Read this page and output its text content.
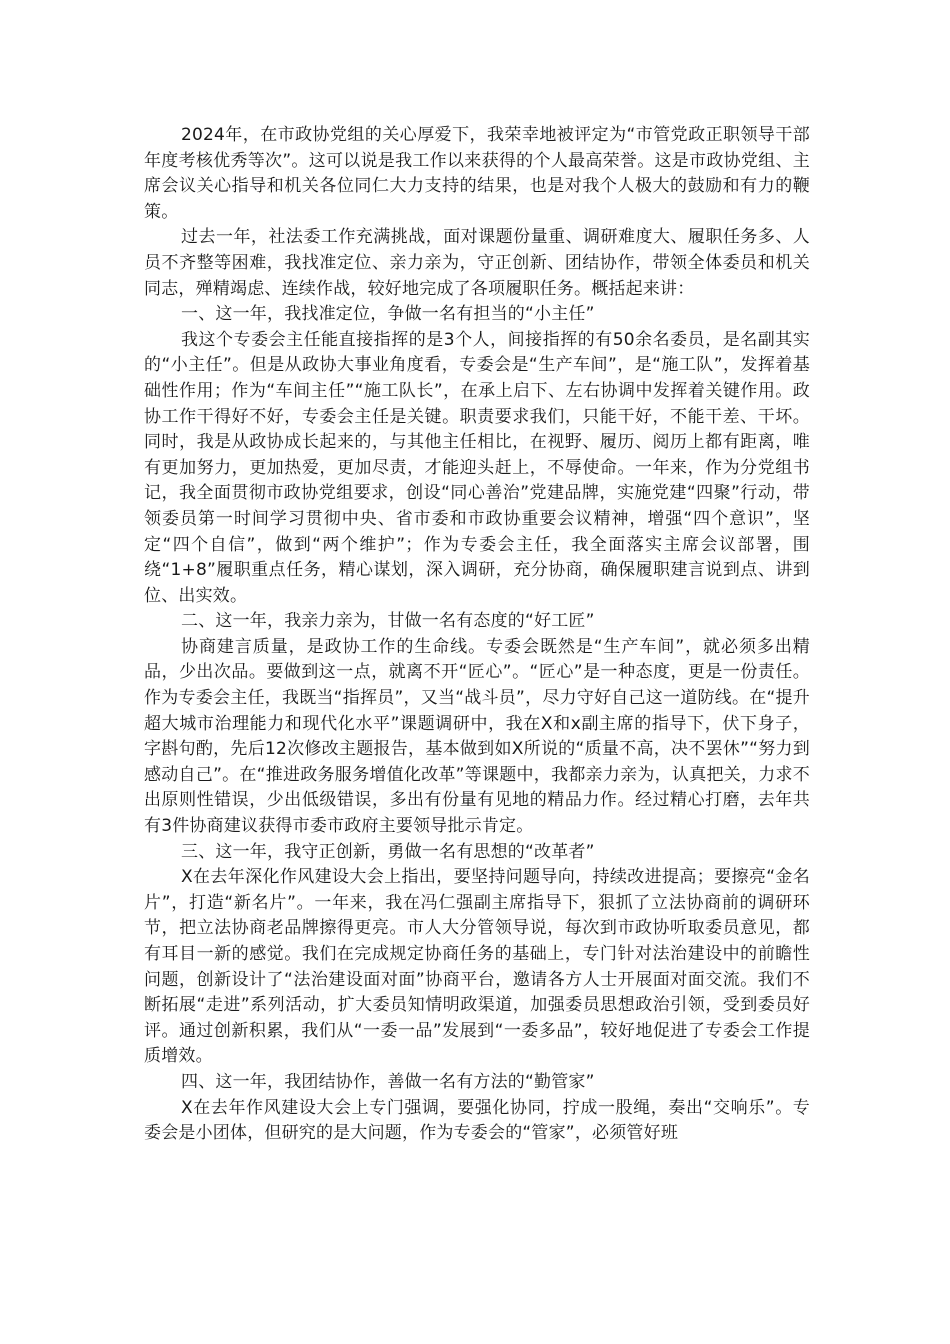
2024年，在市政协党组的关心厚爱下，我荣幸地被评定为“市管党政正职领导干部年度考核优秀等次”。这可以说是我工作以来获得的个人最高荣誉。这是市政协党组、主席会议关心指导和机关各位同仁大力支持的结果，也是对我个人极大的鼓励和有力的鞭策。

过去一年，社法委工作充满挑战，面对课题份量重、调研难度大、履职任务多、人员不齐整等困难，我找准定位、亲力亲为，守正创新、团结协作，带领全体委员和机关同志，殚精竭虑、连续作战，较好地完成了各项履职任务。概括起来讲：

一、这一年，我找准定位，争做一名有担当的“小主任”

我这个专委会主任能直接指挥的是3个人，间接指挥的有50余名委员，是名副其实的“小主任”。但是从政协大事业角度看，专委会是“生产车间”，是“施工队”，发挥着基础性作用；作为“车间主任”“施工队长”，在承上启下、左右协调中发挥着关键作用。政协工作干得好不好，专委会主任是关键。职责要求我们，只能干好，不能干差、干坏。同时，我是从政协成长起来的，与其他主任相比，在视野、履历、阅历上都有距离，唯有更加努力，更加热爱，更加尽责，才能迎头赶上，不辱使命。一年来，作为分党组书记，我全面贯彻市政协党组要求，创设“同心善治”党建品牌，实施党建“四聚”行动，带领委员第一时间学习贯彻中央、省市委和市政协重要会议精神，增强“四个意识”，坚定“四个自信”，做到“两个维护”；作为专委会主任，我全面落实主席会议部署，围绕“1+8”履职重点任务，精心谋划，深入调研，充分协商，确保履职建言说到点、讲到位、出实效。

二、这一年，我亲力亲为，甘做一名有态度的“好工匠”

协商建言质量，是政协工作的生命线。专委会既然是“生产车间”，就必须多出精品，少出次品。要做到这一点，就离不开“匠心”。“匠心”是一种态度，更是一份责任。作为专委会主任，我既当“指挥员”，又当“战斗员”，尽力守好自己这一道防线。在“提升超大城市治理能力和现代化水平”课题调研中，我在X和x副主席的指导下，伏下身子，字斟句酌，先后12次修改主题报告，基本做到如X所说的“质量不高，决不罢休”“努力到感动自己”。在“推进政务服务增值化改革”等课题中，我都亲力亲为，认真把关，力求不出原则性错误，少出低级错误，多出有份量有见地的精品力作。经过精心打磨，去年共有3件协商建议获得市委市政府主要领导批示肯定。

三、这一年，我守正创新，勇做一名有思想的“改革者”

X在去年深化作风建设大会上指出，要坚持问题导向，持续改进提高；要擦亮“金名片”，打造“新名片”。一年来，我在冯仁强副主席指导下，狠抓了立法协商前的调研环节，把立法协商老品牌擦得更亮。市人大分管领导说，每次到市政协听取委员意见，都有耳目一新的感觉。我们在完成规定协商任务的基础上，专门针对法治建设中的前瞻性问题，创新设计了“法治建设面对面”协商平台，邀请各方人士开展面对面交流。我们不断拓展“走进”系列活动，扩大委员知情明政渠道，加强委员思想政治引领，受到委员好评。通过创新积累，我们从“一委一品”发展到“一委多品”，较好地促进了专委会工作提质增效。

四、这一年，我团结协作，善做一名有方法的“勤管家”

X在去年作风建设大会上专门强调，要强化协同，拧成一股绳，奏出“交响乐”。专委会是小团体，但研究的是大问题，作为专委会的“管家”，必须管好班
